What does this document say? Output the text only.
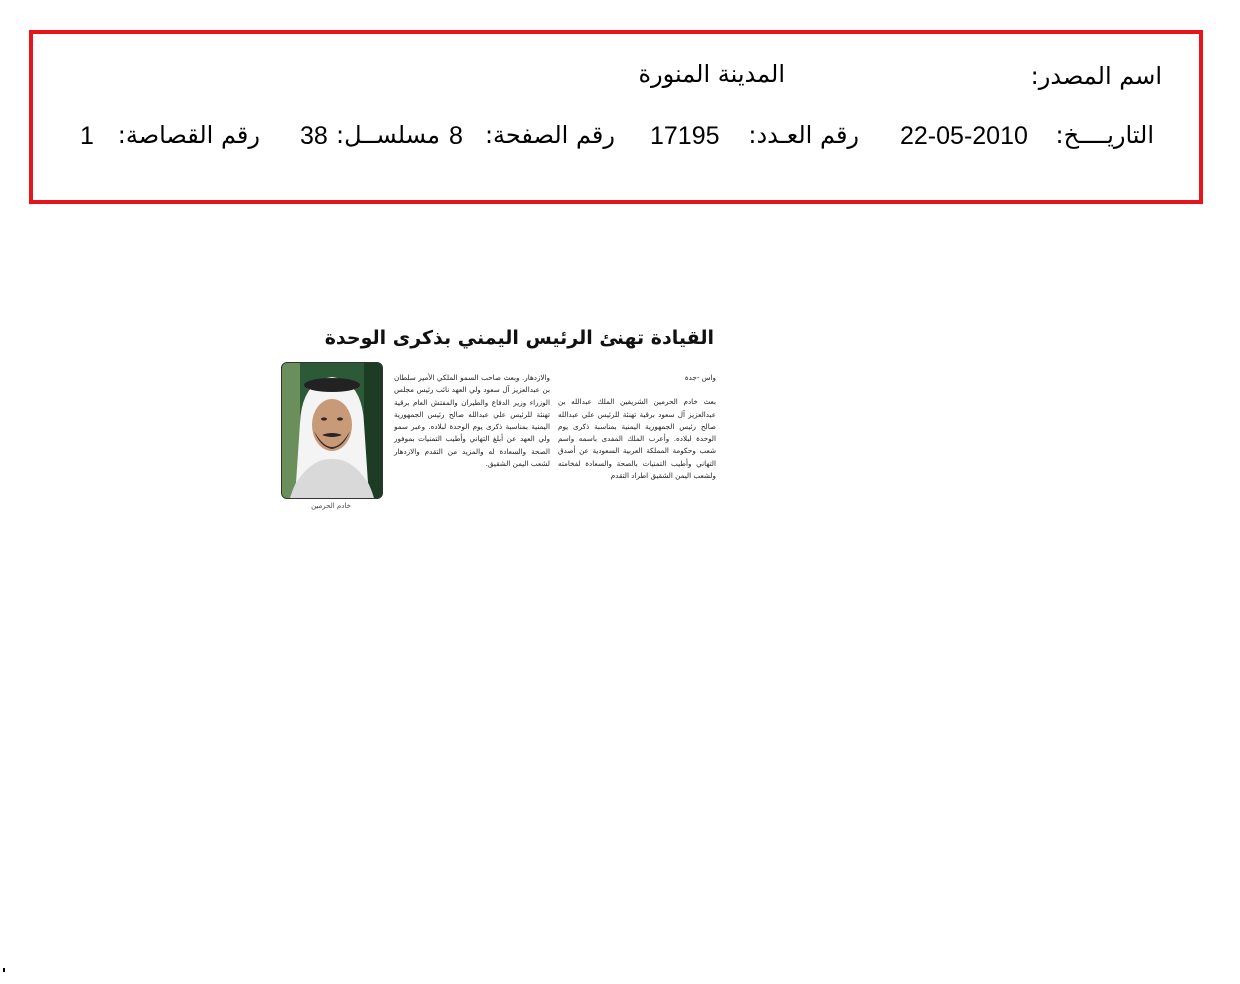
اسم المصدر:
المدينة المنورة
التاريــــخ:
22-05-2010
رقم العـدد:
17195
رقم الصفحة:
8
مسلســل:
38
رقم القصاصة:
1
القيادة تهنئ الرئيس اليمني بذكرى الوحدة

واس -جدة

بعث خادم الحرمين الشريفين الملك عبدالله بن عبدالعزيز آل سعود برقية تهنئة للرئيس علي عبدالله صالح رئيس الجمهورية اليمنية بمناسبة ذكرى يوم الوحدة لبلاده. وأعرب الملك المفدى باسمه واسم شعب وحكومة المملكة العربية السعودية عن أصدق التهاني وأطيب التمنيات بالصحة والسعادة لفخامته ولشعب اليمن الشقيق اطراد التقدم

والازدهار. وبعث صاحب السمو الملكي الأمير سلطان بن عبدالعزيز آل سعود ولي العهد نائب رئيس مجلس الوزراء وزير الدفاع والطيران والمفتش العام برقية تهنئة للرئيس علي عبدالله صالح رئيس الجمهورية اليمنية بمناسبة ذكرى يوم الوحدة لبلاده. وعبر سمو ولي العهد عن أبلغ التهاني وأطيب التمنيات بموفور الصحة والسعادة له والمزيد من التقدم والازدهار لشعب اليمن الشقيق.

خادم الحرمين
